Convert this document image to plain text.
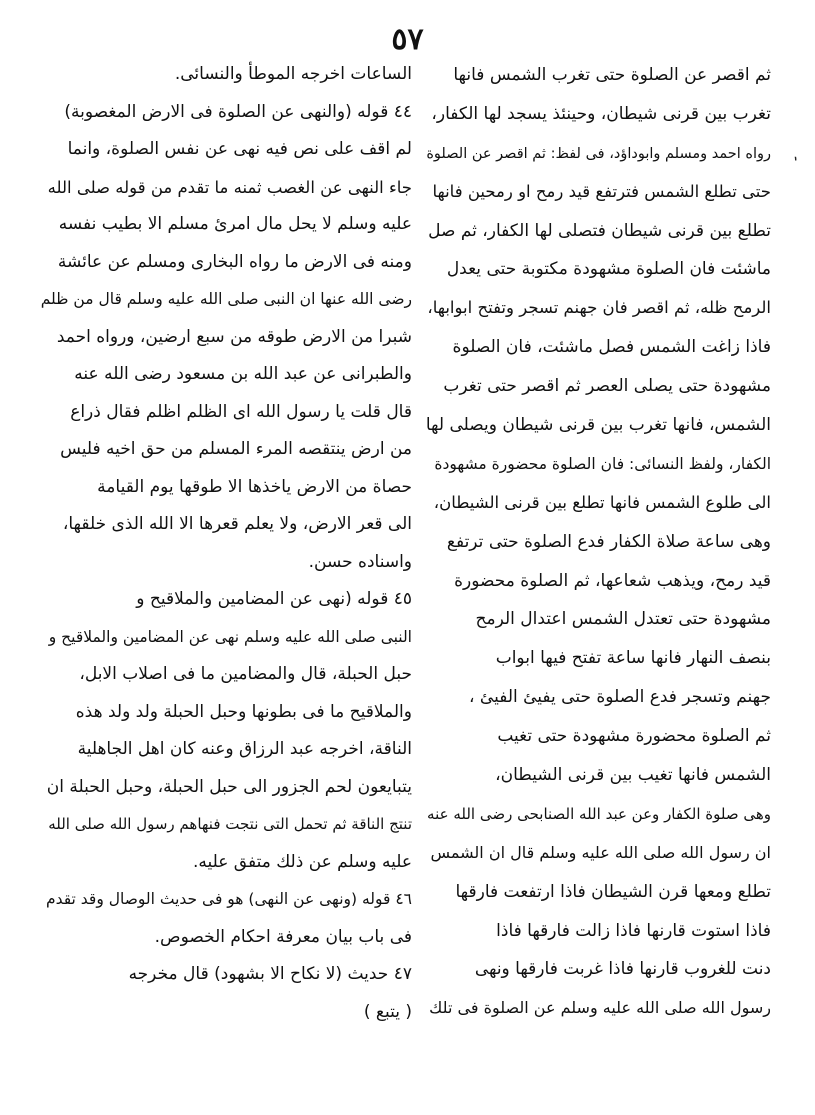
٥٧
ثم اقصر عن الصلوة حتى تغرب الشمس فانها
تغرب بين قرنى شيطان، وحينئذ يسجد لها الكفار،
رواه احمد ومسلم وابوداؤد، فى لفظ: ثم اقصر عن الصلوة
حتى تطلع الشمس فترتفع قيد رمح او رمحين فانها
تطلع بين قرنى شيطان فتصلى لها الكفار، ثم صل
ماشئت فان الصلوة مشهودة مكتوبة حتى يعدل
الرمح ظله، ثم اقصر فان جهنم تسجر وتفتح ابوابها،
فاذا زاغت الشمس فصل ماشئت، فان الصلوة
مشهودة حتى يصلى العصر ثم اقصر حتى تغرب
الشمس، فانها تغرب بين قرنى شيطان ويصلى لها
الكفار، ولفظ النسائى: فان الصلوة محضورة مشهودة
الى طلوع الشمس فانها تطلع بين قرنى الشيطان،
وهى ساعة صلاة الكفار فدع الصلوة حتى ترتفع
قيد رمح، ويذهب شعاعها، ثم الصلوة محضورة
مشهودة حتى تعتدل الشمس اعتدال الرمح
بنصف النهار فانها ساعة تفتح فيها ابواب
جهنم وتسجر فدع الصلوة حتى يفيئ الفيئ ،
ثم الصلوة محضورة مشهودة حتى تغيب
الشمس فانها تغيب بين قرنى الشيطان،
وهى صلوة الكفار وعن عبد الله الصنابحى رضى الله عنه
ان رسول الله صلى الله عليه وسلم قال ان الشمس
تطلع ومعها قرن الشيطان فاذا ارتفعت فارقها
فاذا استوت قارنها فاذا زالت فارقها فاذا
دنت للغروب قارنها فاذا غربت فارقها ونهى
رسول الله صلى الله عليه وسلم عن الصلوة فى تلك
الساعات اخرجه الموطأ والنسائى.
٤٤ قوله (والنهى عن الصلوة فى الارض المغصوبة)
لم اقف على نص فيه نهى عن نفس الصلوة، وانما
جاء النهى عن الغصب ثمنه ما تقدم من قوله صلى الله
عليه وسلم لا يحل مال امرئ مسلم الا بطيب نفسه
ومنه فى الارض ما رواه البخارى ومسلم عن عائشة
رضى الله عنها ان النبى صلى الله عليه وسلم قال من ظلم
شبرا من الارض طوقه من سبع ارضين، ورواه احمد
والطبرانى عن عبد الله بن مسعود رضى الله عنه
قال قلت يا رسول الله اى الظلم اظلم فقال ذراع
من ارض ينتقصه المرء المسلم من حق اخيه فليس
حصاة من الارض ياخذها الا طوقها يوم القيامة
الى قعر الارض، ولا يعلم قعرها الا الله الذى خلقها،
واسناده حسن.
٤٥ قوله (نهى عن المضامين والملاقيح و
النبى صلى الله عليه وسلم نهى عن المضامين والملاقيح و
حبل الحبلة، قال والمضامين ما فى اصلاب الابل،
والملاقيح ما فى بطونها وحبل الحبلة ولد ولد هذه
الناقة، اخرجه عبد الرزاق وعنه كان اهل الجاهلية
يتبايعون لحم الجزور الى حبل الحبلة، وحبل الحبلة ان
تنتج الناقة ثم تحمل التى نتجت فنهاهم رسول الله صلى الله
عليه وسلم عن ذلك متفق عليه.
٤٦ قوله (ونهى عن النهى) هو فى حديث الوصال وقد تقدم
فى باب بيان معرفة احكام الخصوص.
٤٧ حديث (لا نكاح الا بشهود) قال مخرجه
( يتبع )
